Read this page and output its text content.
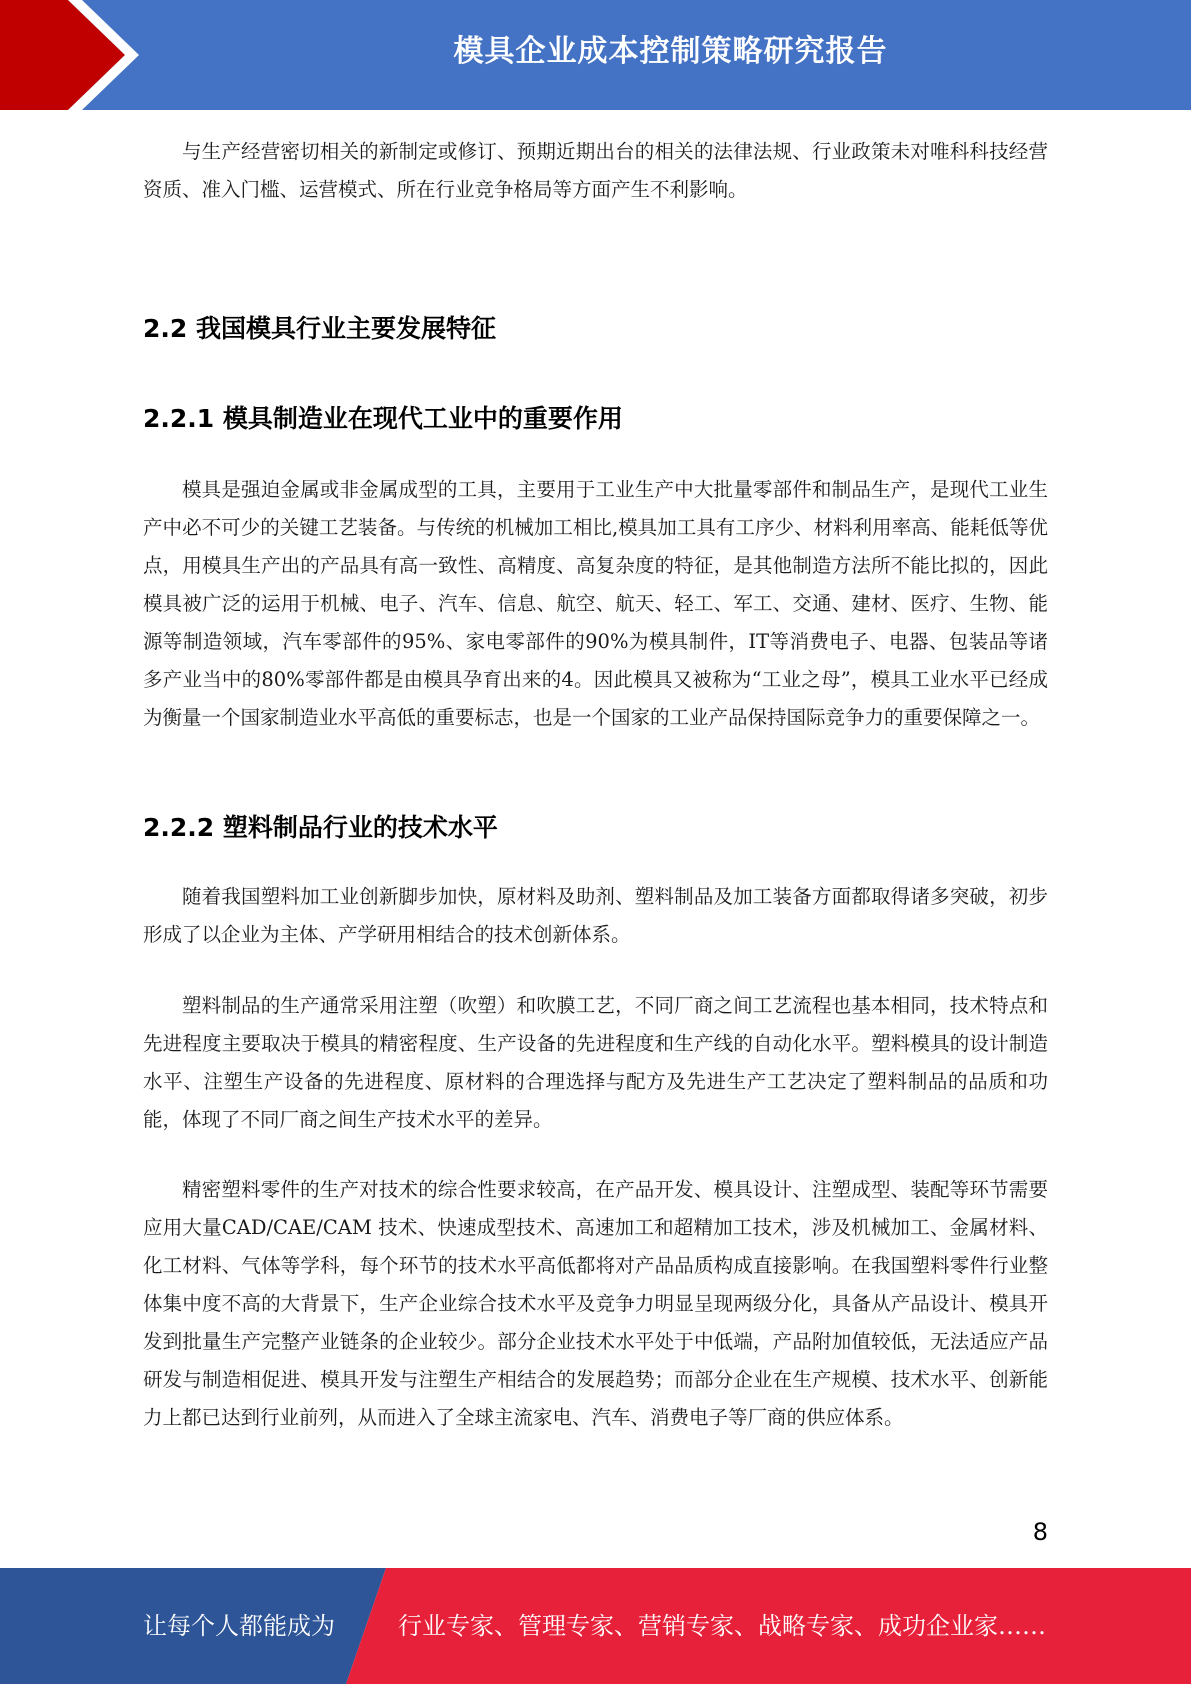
模具企业成本控制策略研究报告

与生产经营密切相关的新制定或修订、预期近期出台的相关的法律法规、行业政策未对唯科科技经营资质、准入门槛、运营模式、所在行业竞争格局等方面产生不利影响。

2.2 我国模具行业主要发展特征
2.2.1 模具制造业在现代工业中的重要作用

模具是强迫金属或非金属成型的工具，主要用于工业生产中大批量零部件和制品生产，是现代工业生产中必不可少的关键工艺装备。与传统的机械加工相比,模具加工具有工序少、材料利用率高、能耗低等优点，用模具生产出的产品具有高一致性、高精度、高复杂度的特征，是其他制造方法所不能比拟的，因此模具被广泛的运用于机械、电子、汽车、信息、航空、航天、轻工、军工、交通、建材、医疗、生物、能源等制造领域，汽车零部件的95%、家电零部件的90%为模具制件，IT等消费电子、电器、包装品等诸多产业当中的80%零部件都是由模具孕育出来的4。因此模具又被称为“工业之母”，模具工业水平已经成为衡量一个国家制造业水平高低的重要标志，也是一个国家的工业产品保持国际竞争力的重要保障之一。

2.2.2 塑料制品行业的技术水平

随着我国塑料加工业创新脚步加快，原材料及助剂、塑料制品及加工装备方面都取得诸多突破，初步形成了以企业为主体、产学研用相结合的技术创新体系。

塑料制品的生产通常采用注塑（吹塑）和吹膜工艺，不同厂商之间工艺流程也基本相同，技术特点和先进程度主要取决于模具的精密程度、生产设备的先进程度和生产线的自动化水平。塑料模具的设计制造水平、注塑生产设备的先进程度、原材料的合理选择与配方及先进生产工艺决定了塑料制品的品质和功能，体现了不同厂商之间生产技术水平的差异。

精密塑料零件的生产对技术的综合性要求较高，在产品开发、模具设计、注塑成型、装配等环节需要应用大量CAD/CAE/CAM 技术、快速成型技术、高速加工和超精加工技术，涉及机械加工、金属材料、化工材料、气体等学科，每个环节的技术水平高低都将对产品品质构成直接影响。在我国塑料零件行业整体集中度不高的大背景下，生产企业综合技术水平及竞争力明显呈现两级分化，具备从产品设计、模具开发到批量生产完整产业链条的企业较少。部分企业技术水平处于中低端，产品附加值较低，无法适应产品研发与制造相促进、模具开发与注塑生产相结合的发展趋势；而部分企业在生产规模、技术水平、创新能力上都已达到行业前列，从而进入了全球主流家电、汽车、消费电子等厂商的供应体系。

8
让每个人都能成为	行业专家、管理专家、营销专家、战略专家、成功企业家……
